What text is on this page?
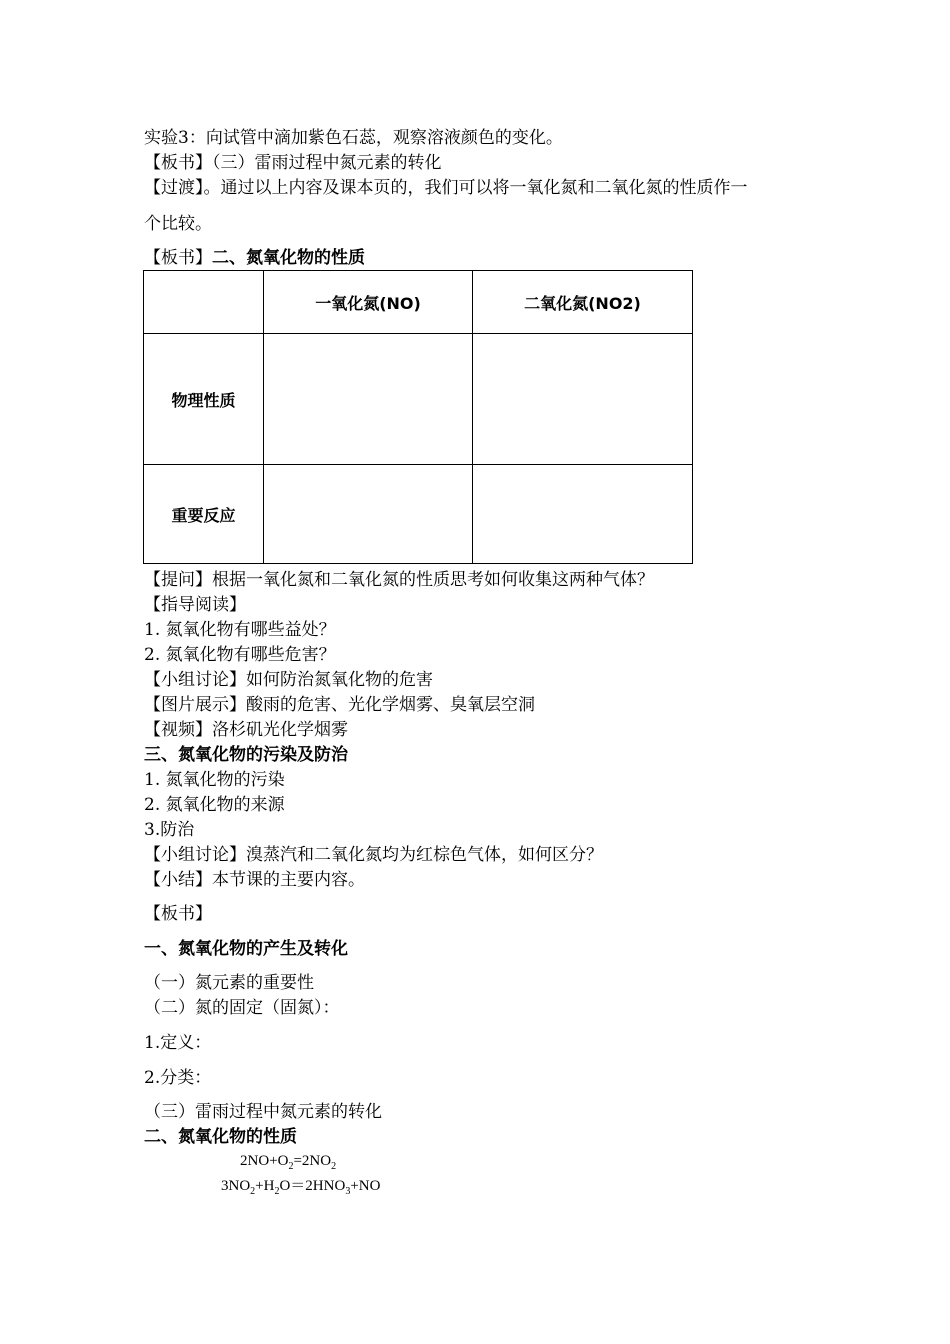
实验3：向试管中滴加紫色石蕊，观察溶液颜色的变化。
【板书】（三）雷雨过程中氮元素的转化
【过渡】。通过以上内容及课本页的，我们可以将一氧化氮和二氧化氮的性质作一
个比较。
【板书】二、氮氧化物的性质
	一氧化氮(NO)	二氧化氮(NO2)
物理性质		
重要反应		
【提问】根据一氧化氮和二氧化氮的性质思考如何收集这两种气体？
【指导阅读】
1. 氮氧化物有哪些益处？
2. 氮氧化物有哪些危害？
【小组讨论】如何防治氮氧化物的危害
【图片展示】酸雨的危害、光化学烟雾、臭氧层空洞
【视频】洛杉矶光化学烟雾
三、氮氧化物的污染及防治
1. 氮氧化物的污染
2. 氮氧化物的来源
3.防治
【小组讨论】溴蒸汽和二氧化氮均为红棕色气体，如何区分？
【小结】本节课的主要内容。
【板书】
一、氮氧化物的产生及转化
（一）氮元素的重要性
（二）氮的固定（固氮）：
1.定义：
2.分类：
（三）雷雨过程中氮元素的转化
二、氮氧化物的性质
$2NO+O_2=2NO_2$
$3NO_2+H_2O=2HNO_3+NO$
